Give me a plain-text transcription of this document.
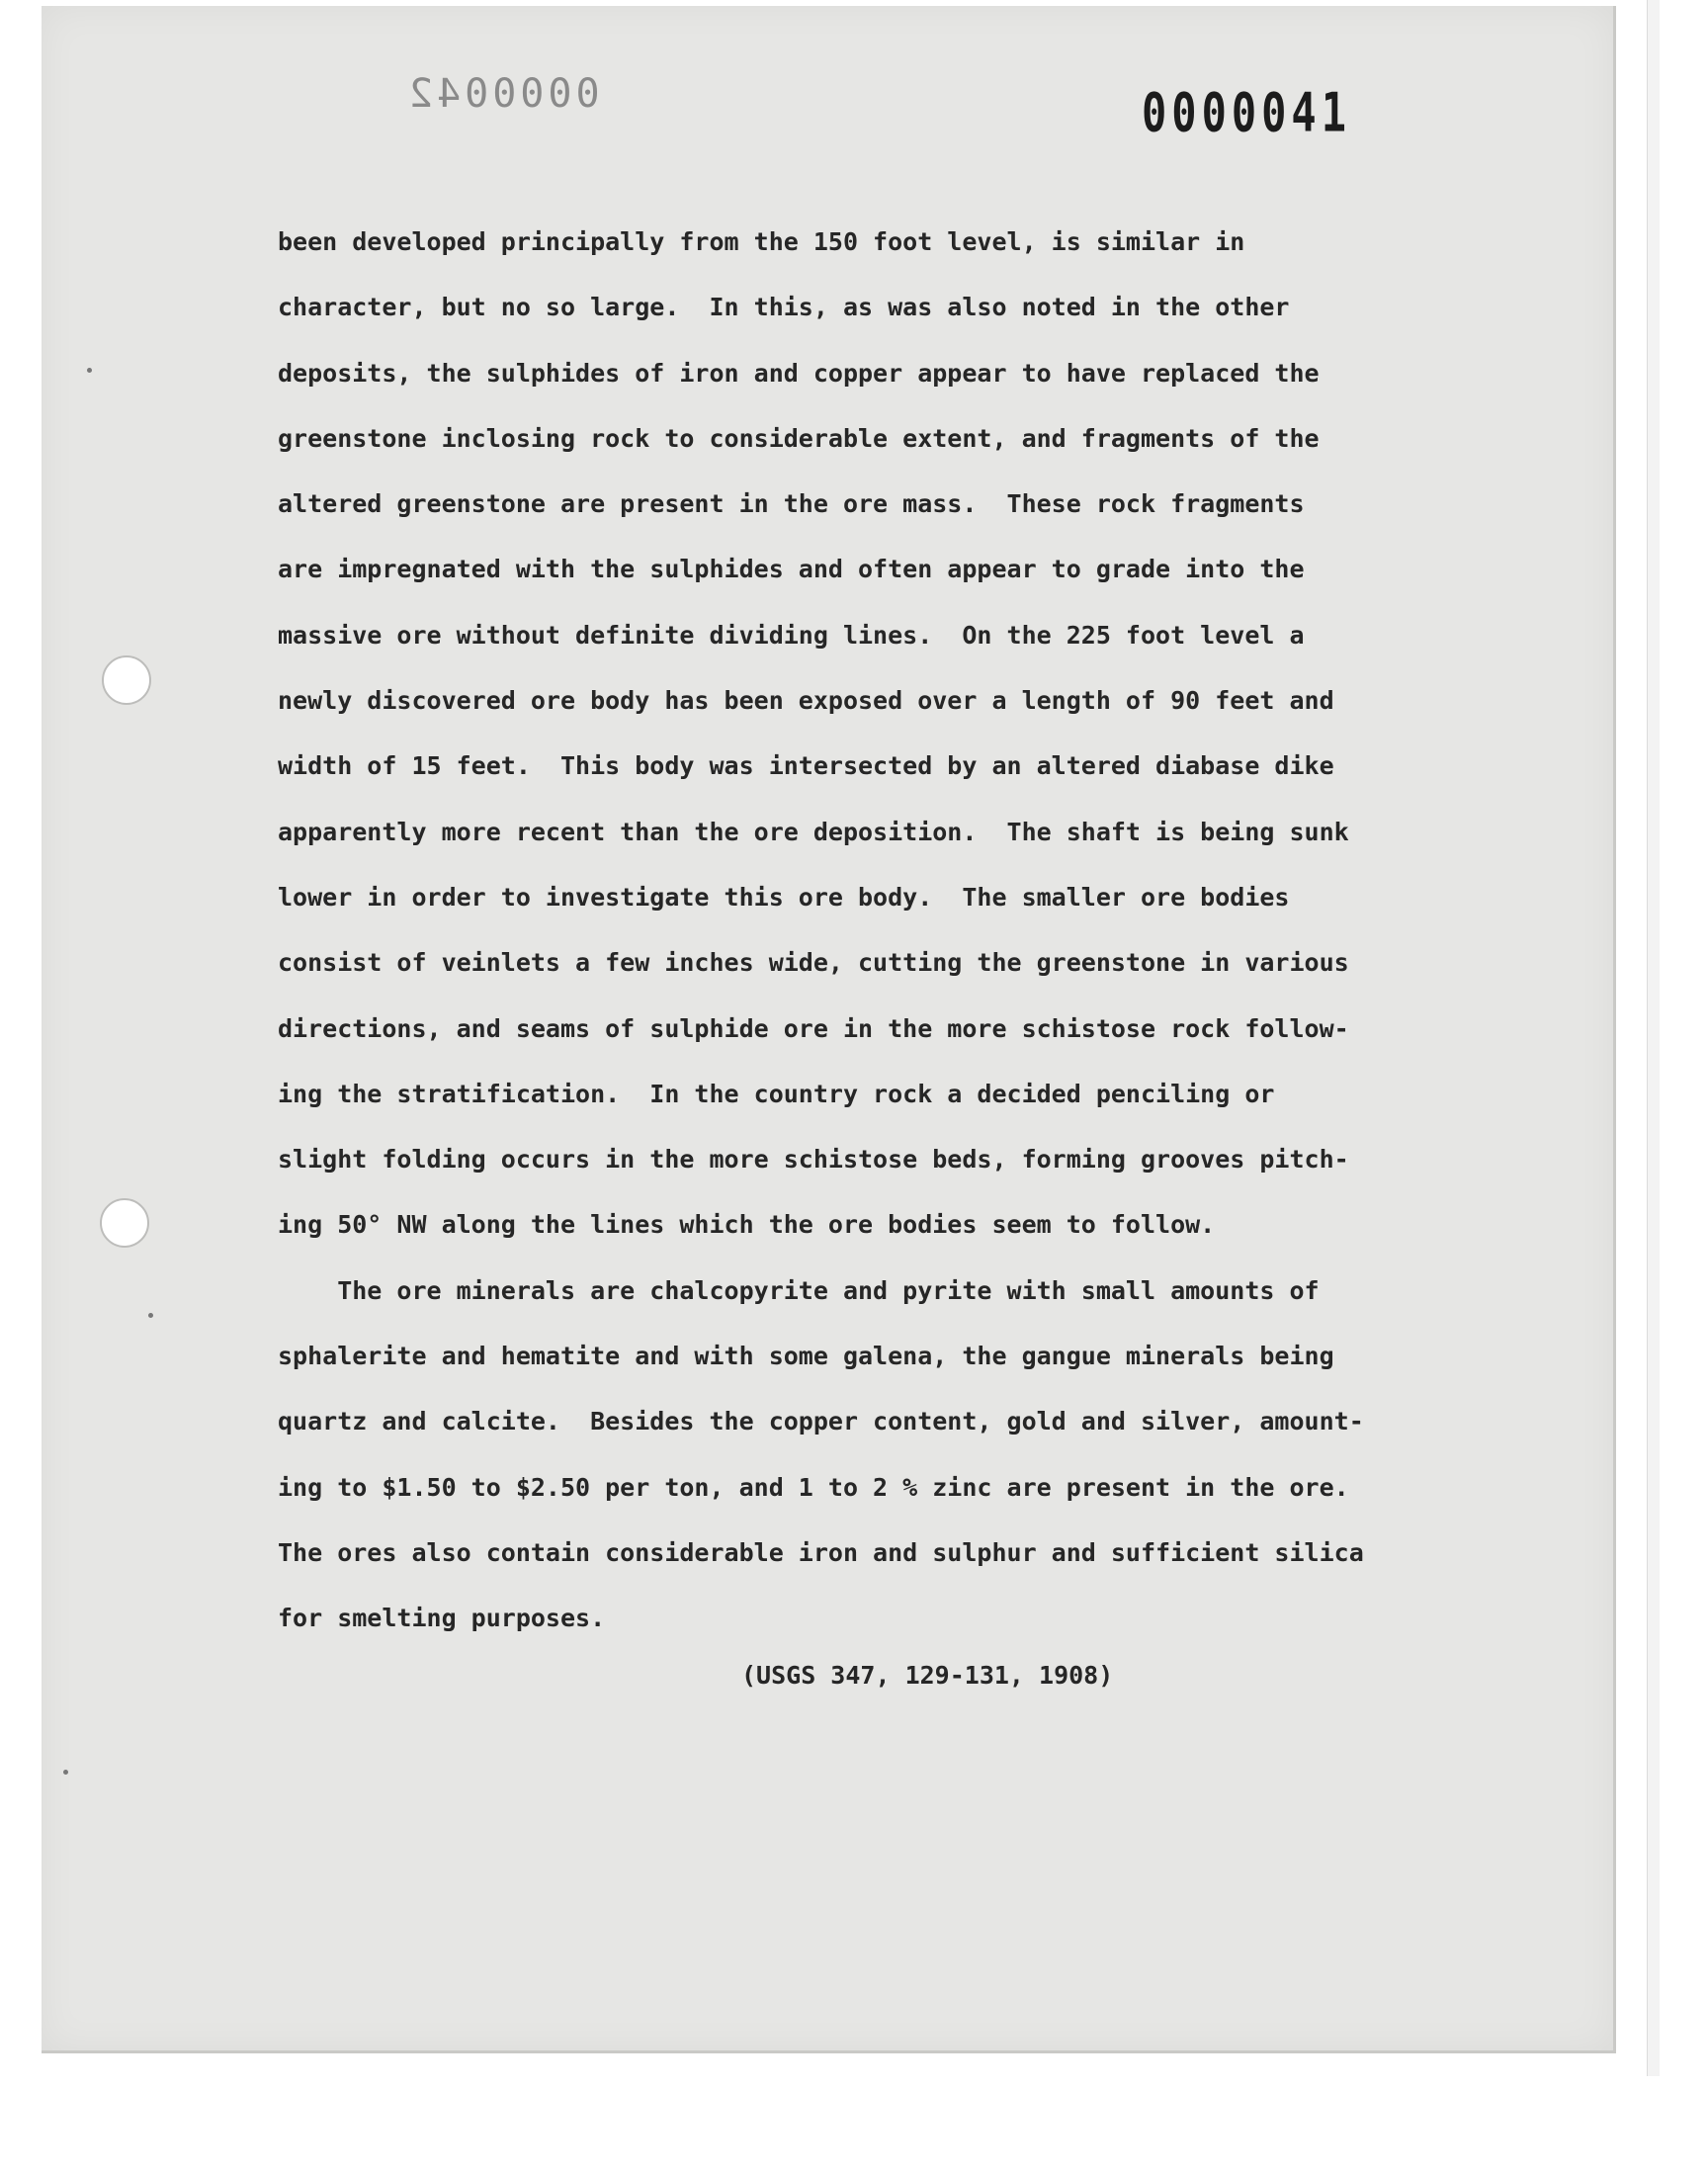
0000042	0000041
been developed principally from the 150 foot level, is similar in
character, but no so large.  In this, as was also noted in the other
deposits, the sulphides of iron and copper appear to have replaced the
greenstone inclosing rock to considerable extent, and fragments of the
altered greenstone are present in the ore mass.  These rock fragments
are impregnated with the sulphides and often appear to grade into the
massive ore without definite dividing lines.  On the 225 foot level a
newly discovered ore body has been exposed over a length of 90 feet and
width of 15 feet.  This body was intersected by an altered diabase dike
apparently more recent than the ore deposition.  The shaft is being sunk
lower in order to investigate this ore body.  The smaller ore bodies
consist of veinlets a few inches wide, cutting the greenstone in various
directions, and seams of sulphide ore in the more schistose rock follow-
ing the stratification.  In the country rock a decided penciling or
slight folding occurs in the more schistose beds, forming grooves pitch-
ing 50° NW along the lines which the ore bodies seem to follow.
The ore minerals are chalcopyrite and pyrite with small amounts of
sphalerite and hematite and with some galena, the gangue minerals being
quartz and calcite.  Besides the copper content, gold and silver, amount-
ing to $1.50 to $2.50 per ton, and 1 to 2 % zinc are present in the ore.
The ores also contain considerable iron and sulphur and sufficient silica
for smelting purposes.
(USGS 347, 129-131, 1908)
